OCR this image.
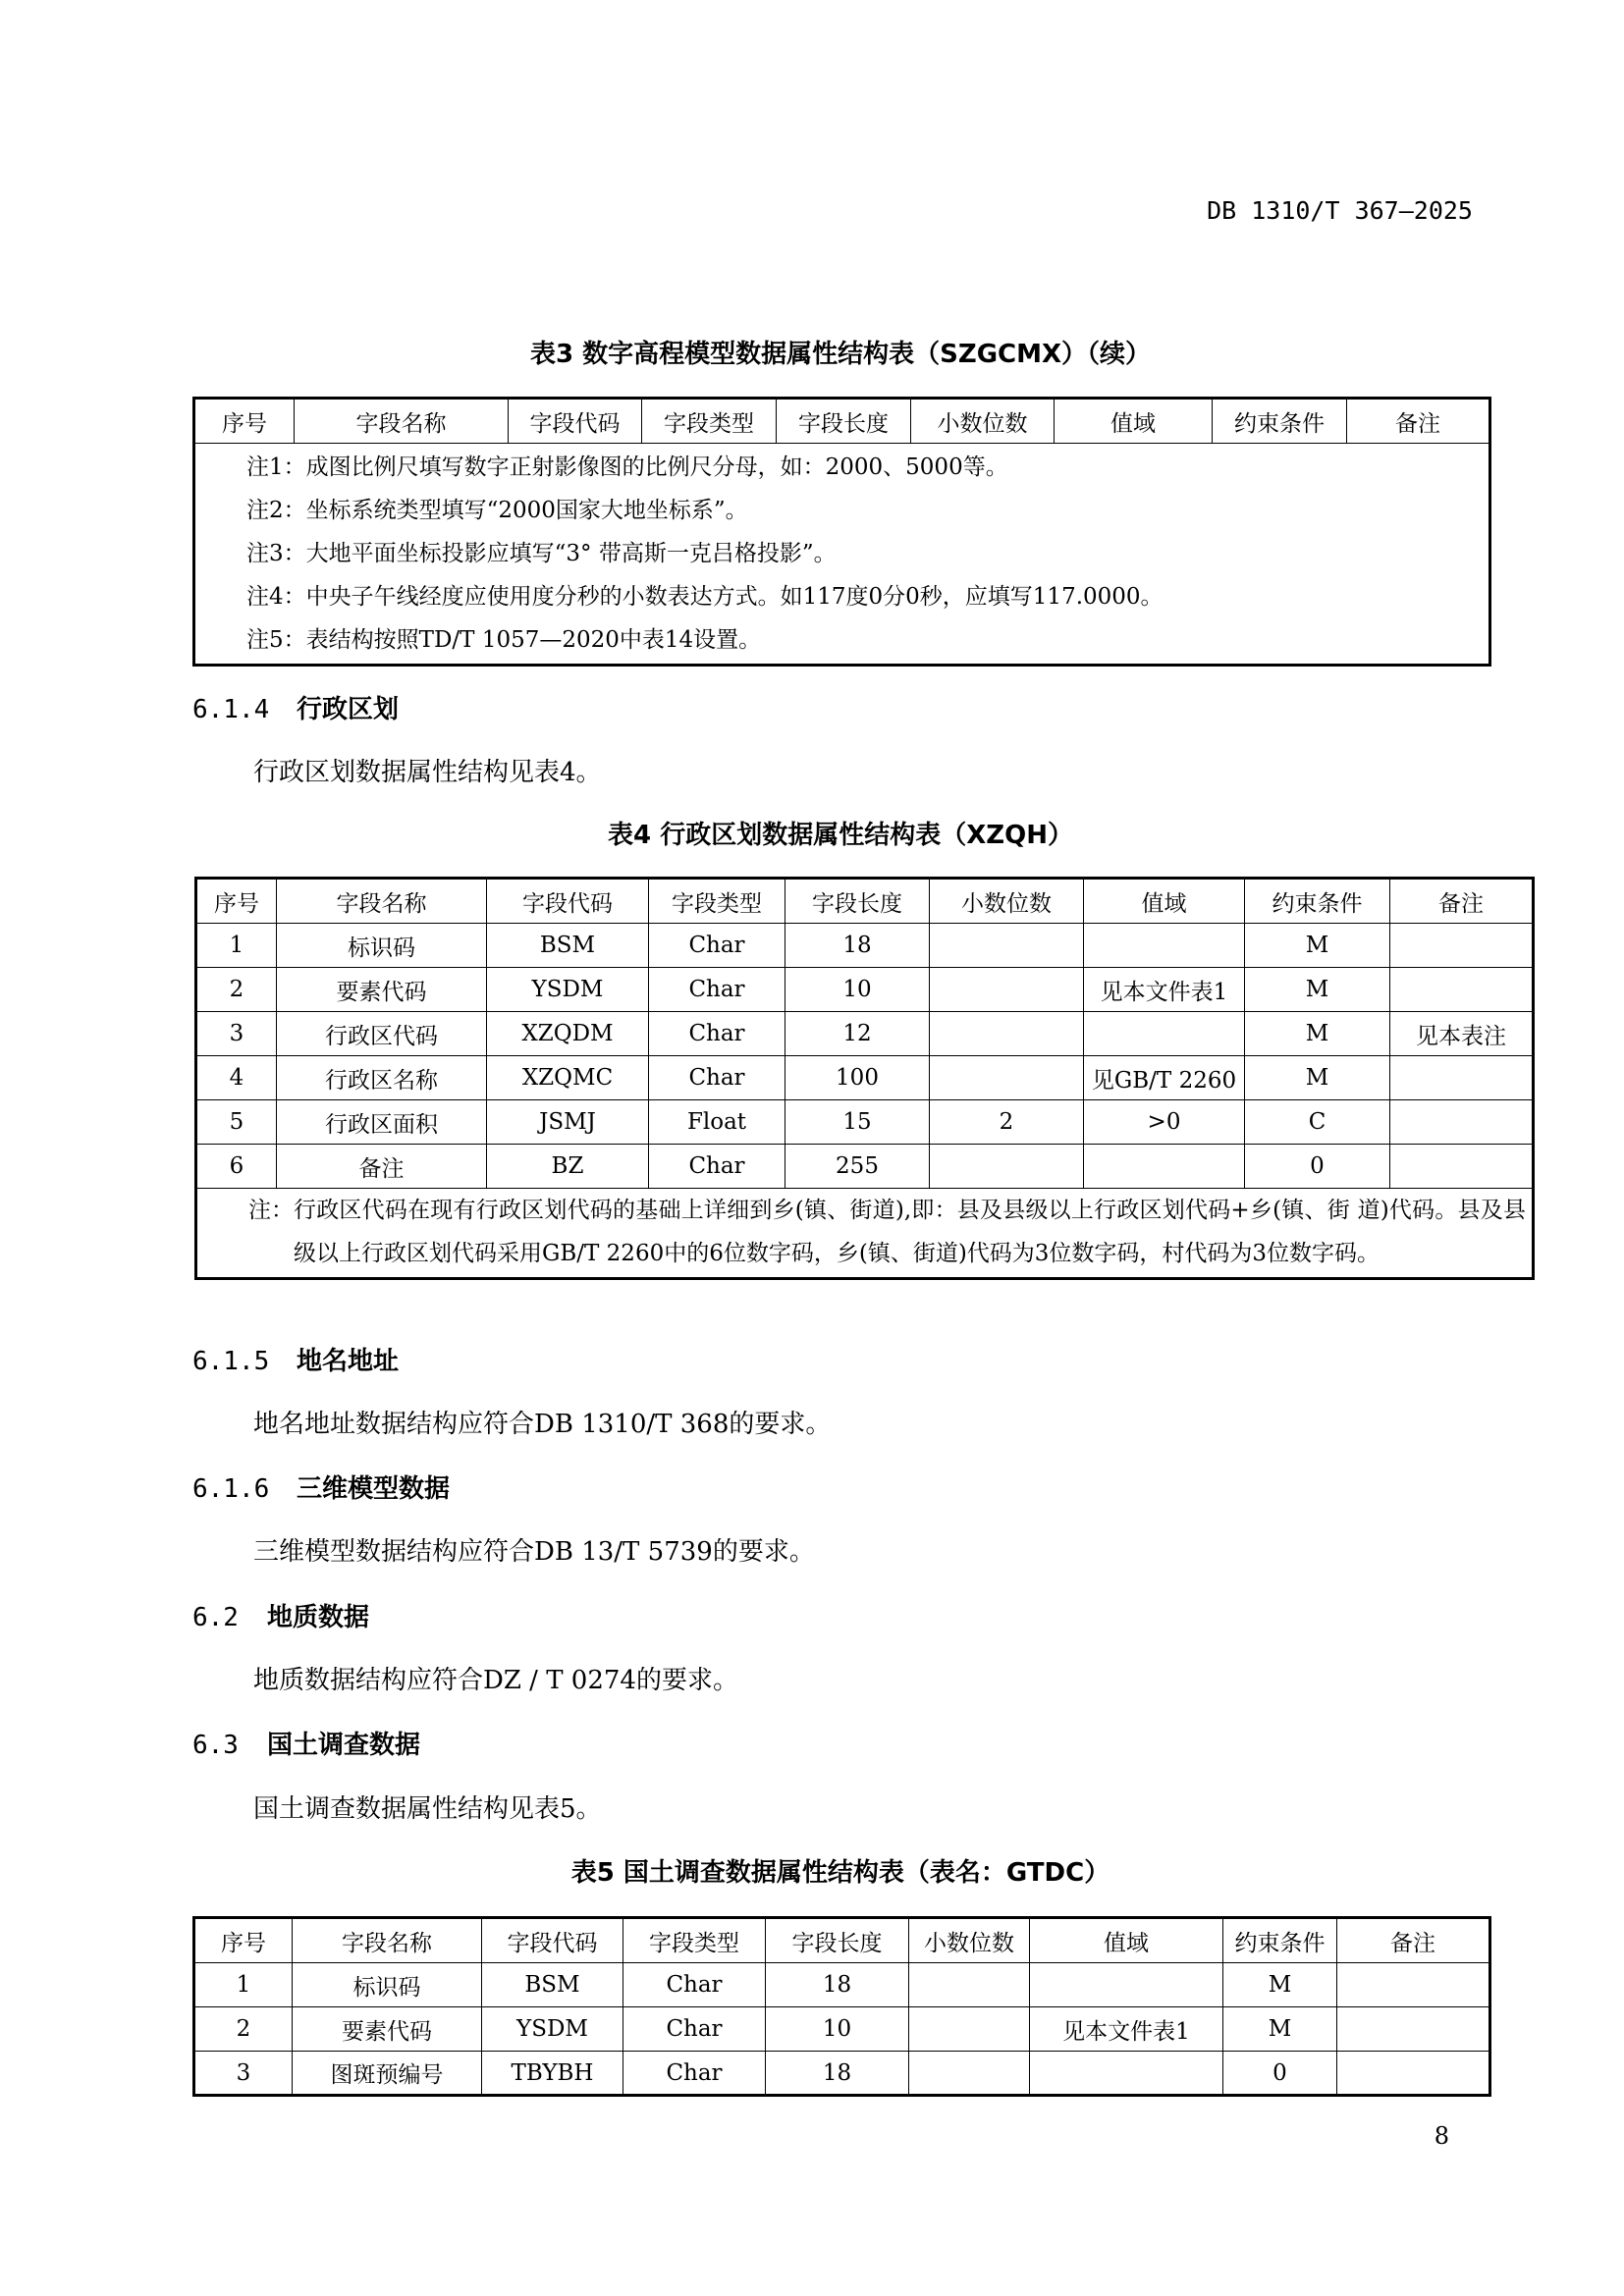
DB 1310/T 367—2025
表3 数字高程模型数据属性结构表（SZGCMX）（续）
序号	字段名称	字段代码	字段类型	字段长度	小数位数	值域	约束条件	备注

注1：成图比例尺填写数字正射影像图的比例尺分母，如：2000、5000等。
注2：坐标系统类型填写“2000国家大地坐标系”。
注3：大地平面坐标投影应填写“3° 带高斯一克吕格投影”。
注4：中央子午线经度应使用度分秒的小数表达方式。如117度0分0秒，应填写117.0000。
注5：表结构按照TD/T 1057—2020中表14设置。
6.1.4 行政区划
行政区划数据属性结构见表4。
表4 行政区划数据属性结构表（XZQH）
序号	字段名称	字段代码	字段类型	字段长度	小数位数	值域	约束条件	备注
1	标识码	BSM	Char	18			M	
2	要素代码	YSDM	Char	10		见本文件表1	M	
3	行政区代码	XZQDM	Char	12			M	见本表注
4	行政区名称	XZQMC	Char	100		见GB/T 2260	M	
5	行政区面积	JSMJ	Float	15	2	>0	C	
6	备注	BZ	Char	255			0	

注： 行政区代码在现有行政区划代码的基础上详细到乡(镇、街道),即：县及县级以上行政区划代码+乡(镇、街 道)代码。县及县级以上行政区划代码采用GB/T 2260中的6位数字码，乡(镇、街道)代码为3位数字码，村代码为3位数字码。								
6.1.5 地名地址
地名地址数据结构应符合DB 1310/T 368的要求。
6.1.6 三维模型数据
三维模型数据结构应符合DB 13/T 5739的要求。
6.2 地质数据
地质数据结构应符合DZ / T 0274的要求。
6.3 国土调查数据
国土调查数据属性结构见表5。
表5 国土调查数据属性结构表（表名：GTDC）
序号	字段名称	字段代码	字段类型	字段长度	小数位数	值域	约束条件	备注
1	标识码	BSM	Char	18			M	
2	要素代码	YSDM	Char	10		见本文件表1	M	
3	图斑预编号	TBYBH	Char	18			0	
8
